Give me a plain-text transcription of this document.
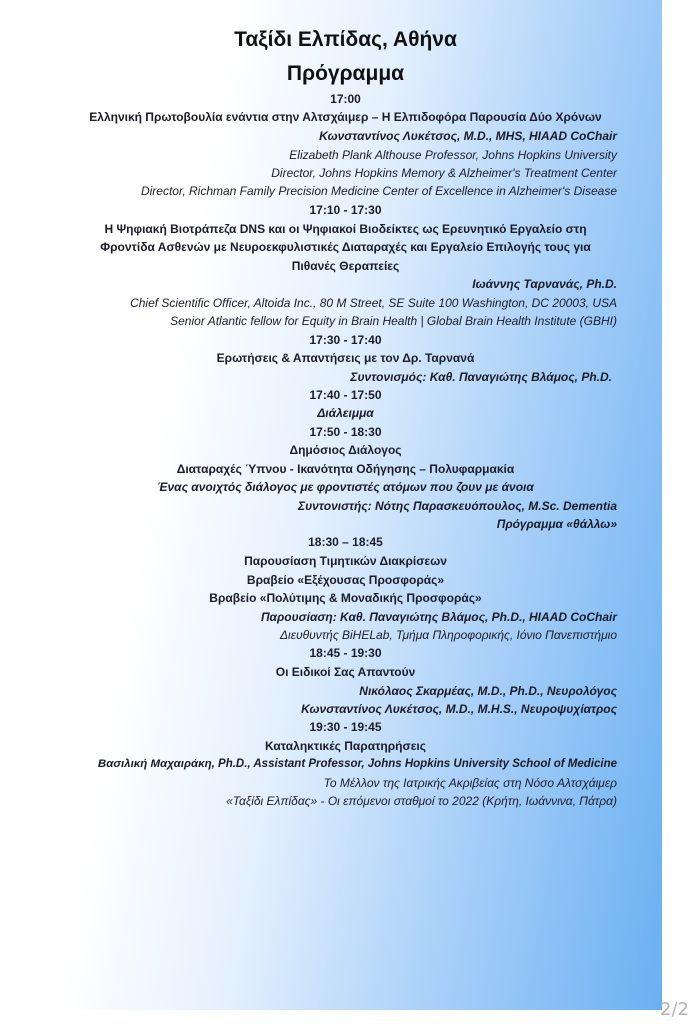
Ταξίδι Ελπίδας, Αθήνα
Πρόγραμμα
17:00
Ελληνική Πρωτοβουλία ενάντια στην Αλτσχάιμερ – Η Ελπιδοφόρα Παρουσία Δύο Χρόνων
Κωνσταντίνος Λυκέτσος, M.D., MHS, HIAAD CoChair
Elizabeth Plank Althouse Professor, Johns Hopkins University
Director, Johns Hopkins Memory & Alzheimer's Treatment Center
Director, Richman Family Precision Medicine Center of Excellence in Alzheimer's Disease
17:10 - 17:30
Η Ψηφιακή Βιοτράπεζα DNS και οι Ψηφιακοί Βιοδείκτες ως Ερευνητικό Εργαλείο στη
Φροντίδα Ασθενών με Νευροεκφυλιστικές Διαταραχές και Εργαλείο Επιλογής τους για
Πιθανές Θεραπείες
Ιωάννης Ταρνανάς, Ph.D.
Chief Scientific Officer, Altoida Inc., 80 M Street, SE Suite 100 Washington, DC 20003, USA
Senior Atlantic fellow for Equity in Brain Health | Global Brain Health Institute (GBHI)
17:30 - 17:40
Ερωτήσεις & Απαντήσεις με τον Δρ. Ταρνανά
Συντονισμός: Καθ. Παναγιώτης Βλάμος, Ph.D.
17:40 - 17:50
Διάλειμμα
17:50 - 18:30
Δημόσιος Διάλογος
Διαταραχές Ύπνου - Ικανότητα Οδήγησης – Πολυφαρμακία
Ένας ανοιχτός διάλογος με φροντιστές ατόμων που ζουν με άνοια
Συντονιστής: Νότης Παρασκευόπουλος, M.Sc. Dementia
Πρόγραμμα «θάλλω»
18:30 – 18:45
Παρουσίαση Τιμητικών Διακρίσεων
Βραβείο «Εξέχουσας Προσφοράς»
Βραβείο «Πολύτιμης & Μοναδικής Προσφοράς»
Παρουσίαση: Καθ. Παναγιώτης Βλάμος, Ph.D., HIAAD CoChair
Διευθυντής BiHELab, Τμήμα Πληροφορικής, Ιόνιο Πανεπιστήμιο
18:45 - 19:30
Οι Ειδικοί Σας Απαντούν
Νικόλαος Σκαρμέας, M.D., Ph.D., Νευρολόγος
Κωνσταντίνος Λυκέτσος, M.D., M.H.S., Νευροψυχίατρος
19:30 - 19:45
Καταληκτικές Παρατηρήσεις
Βασιλική Μαχαιράκη, Ph.D., Assistant Professor, Johns Hopkins University School of Medicine
Το Μέλλον της Ιατρικής Ακριβείας στη Νόσο Αλτσχάιμερ
«Ταξίδι Ελπίδας» - Οι επόμενοι σταθμοί το 2022 (Κρήτη, Ιωάννινα, Πάτρα)
2/2
